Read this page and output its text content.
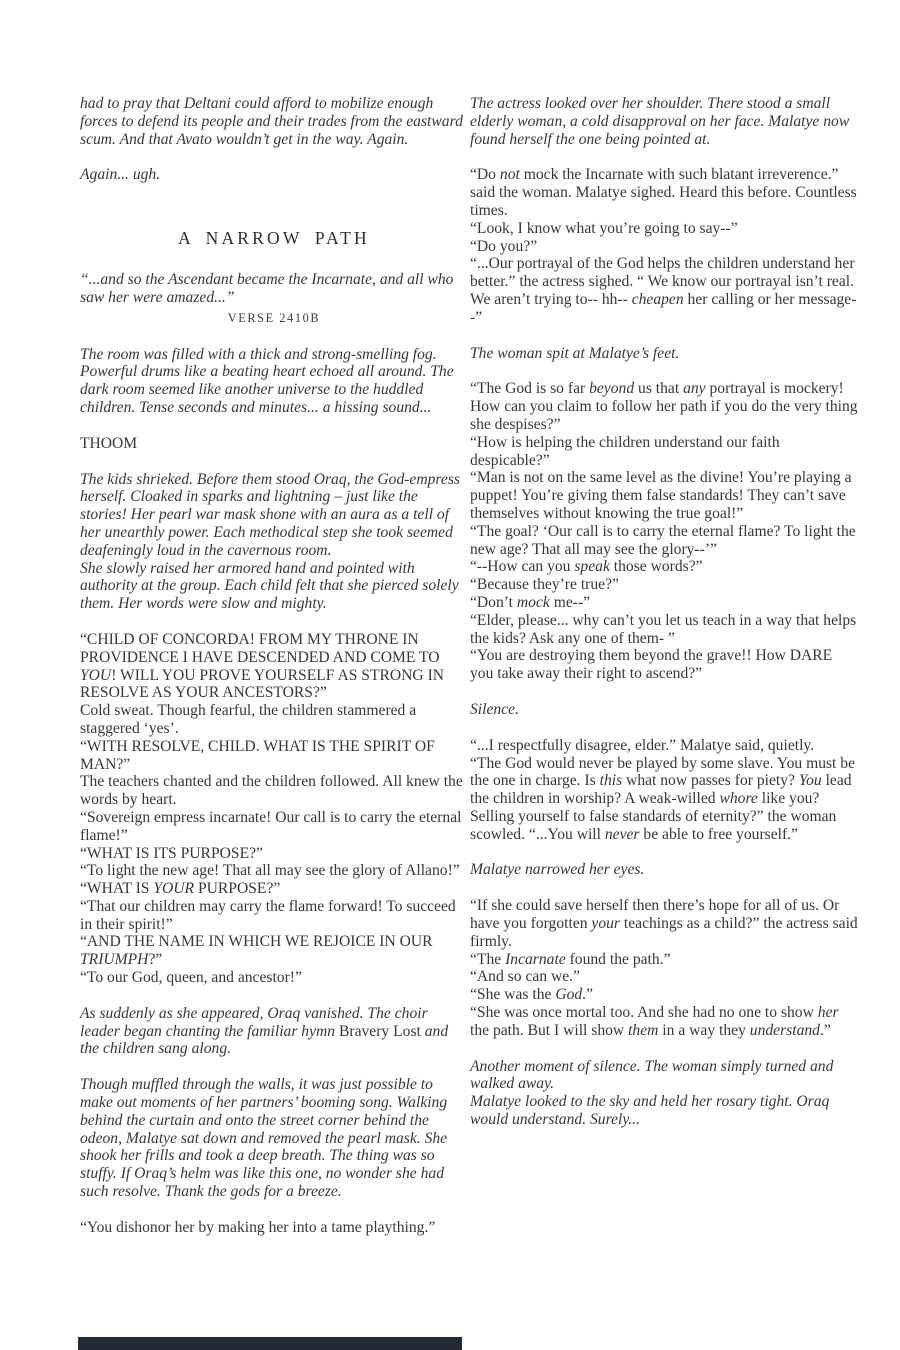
had to pray that Deltani could afford to mobilize enough forces to defend its people and their trades from the eastward scum. And that Avato wouldn’t get in the way. Again.

Again... ugh.

A NARROW PATH

“...and so the Ascendant became the Incarnate, and all who saw her were amazed...”

VERSE 2410B

The room was filled with a thick and strong-smelling fog. Powerful drums like a beating heart echoed all around. The dark room seemed like another universe to the huddled children. Tense seconds and minutes... a hissing sound...

THOOM

The kids shrieked. Before them stood Oraq, the God-empress herself. Cloaked in sparks and lightning – just like the stories! Her pearl war mask shone with an aura as a tell of her unearthly power. Each methodical step she took seemed deafeningly loud in the cavernous room.
She slowly raised her armored hand and pointed with authority at the group. Each child felt that she pierced solely them. Her words were slow and mighty.

“CHILD OF CONCORDA! FROM MY THRONE IN PROVIDENCE I HAVE DESCENDED AND COME TO YOU! WILL YOU PROVE YOURSELF AS STRONG IN RESOLVE AS YOUR ANCESTORS?”

Cold sweat. Though fearful, the children stammered a staggered ‘yes’.

“WITH RESOLVE, CHILD. WHAT IS THE SPIRIT OF MAN?”

The teachers chanted and the children followed. All knew the words by heart.

“Sovereign empress incarnate! Our call is to carry the eternal flame!”

“WHAT IS ITS PURPOSE?”

“To light the new age! That all may see the glory of Allano!”

“WHAT IS YOUR PURPOSE?”

“That our children may carry the flame forward! To succeed in their spirit!”

“AND THE NAME IN WHICH WE REJOICE IN OUR TRIUMPH?”

“To our God, queen, and ancestor!”

As suddenly as she appeared, Oraq vanished. The choir leader began chanting the familiar hymn Bravery Lost and the children sang along.

Though muffled through the walls, it was just possible to make out moments of her partners’ booming song. Walking behind the curtain and onto the street corner behind the odeon, Malatye sat down and removed the pearl mask. She shook her frills and took a deep breath. The thing was so stuffy. If Oraq’s helm was like this one, no wonder she had such resolve. Thank the gods for a breeze.

“You dishonor her by making her into a tame plaything.”

The actress looked over her shoulder. There stood a small elderly woman, a cold disapproval on her face. Malatye now found herself the one being pointed at.

“Do not mock the Incarnate with such blatant irreverence.” said the woman. Malatye sighed. Heard this before. Countless times.

“Look, I know what you’re going to say--”

“Do you?”

“...Our portrayal of the God helps the children understand her better.” the actress sighed. “ We know our portrayal isn’t real. We aren’t trying to-- hh-- cheapen her calling or her message--”

The woman spit at Malatye’s feet.

“The God is so far beyond us that any portrayal is mockery! How can you claim to follow her path if you do the very thing she despises?”

“How is helping the children understand our faith despicable?”

“Man is not on the same level as the divine! You’re playing a puppet! You’re giving them false standards! They can’t save themselves without knowing the true goal!”

“The goal? ‘Our call is to carry the eternal flame? To light the new age? That all may see the glory--’”

“--How can you speak those words?”

“Because they’re true?”

“Don’t mock me--”

“Elder, please... why can’t you let us teach in a way that helps the kids? Ask any one of them- ”

“You are destroying them beyond the grave!! How DARE you take away their right to ascend?”

Silence.

“...I respectfully disagree, elder.” Malatye said, quietly.

“The God would never be played by some slave. You must be the one in charge. Is this what now passes for piety? You lead the children in worship? A weak-willed whore like you? Selling yourself to false standards of eternity?” the woman scowled. “...You will never be able to free yourself.”

Malatye narrowed her eyes.

“If she could save herself then there’s hope for all of us. Or have you forgotten your teachings as a child?” the actress said firmly.

“The Incarnate found the path.”

“And so can we.”

“She was the God.”

“She was once mortal too. And she had no one to show her the path. But I will show them in a way they understand.”

Another moment of silence. The woman simply turned and walked away.
Malatye looked to the sky and held her rosary tight. Oraq would understand. Surely...
